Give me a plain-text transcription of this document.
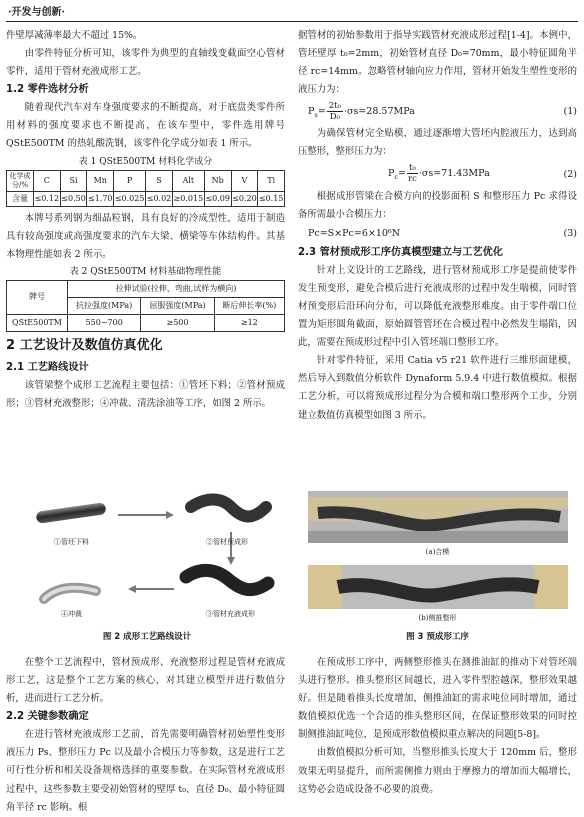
·开发与创新·

件壁厚减薄率最大不超过 15%。

由零件特征分析可知，该零件为典型的直轴线变截面空心管材零件，适用于管材充液成形工艺。

1.2 零件选材分析

随着现代汽车对车身强度要求的不断提高，对于底盘类零件所用材料的强度要求也不断提高，在该车型中，零件选用牌号 QStE500TM 的热轧酸洗钢，该零件化学成分如表 1 所示。

表 1 QStE500TM 材料化学成分
化学成分/%	C	Si	Mn	P	S	Alt	Nb	V	Ti
含量	≤0.12	≤0.50	≤1.70	≤0.025	≤0.02	≥0.015	≤0.09	≤0.20	≤0.15

本牌号系列钢为细晶粒钢，具有良好的冷成型性，适用于制造具有较高强度或高强度要求的汽车大梁、横梁等车体结构件。其基本物理性能如表 2 所示。

表 2 QStE500TM 材料基础物理性能
牌号	拉伸试验(拉伸、弯曲,试样为横向)		
	抗拉强度(MPa)	屈服强度(MPa)	断后伸长率(%)
QStE500TM	550~700	≥500	≥12
2 工艺设计及数值仿真优化
2.1 工艺路线设计

该管梁整个成形工艺流程主要包括：①管坯下料；②管材预成形；③管材充液整形；④冲裁、清洗涂油等工序，如图 2 所示。

据管材的初始参数用于指导实践管材充液成形过程[1-4]。本例中，管坯壁厚 t₀=2mm，初始管材直径 D₀=70mm，最小特征圆角半径 rc=14mm。忽略管材轴向应力作用，管材开始发生塑性变形的液压力为：

$P_s= \frac{\text{2t₀}}{\text{D₀}} \cdot\sigma s=28.57MPa$	(1)

为确保管材完全贴模，通过逐渐增大管坯内腔液压力，达到高压整形，整形压力为：

$P_c= \frac{\text{t₀}}{rc} \cdot\sigma s=71.43MPa$	(2)

根据成形管梁在合模方向的投影面积 S 和整形压力 Pc 求得设备所需最小合模压力：

Pc=S×Pc=6×10⁶N	(3)
2.3 管材预成形工序仿真模型建立与工艺优化

针对上文设计的工艺路线，进行管材预成形工序是提前使零件发生预变形，避免合模后进行充液成形的过程中发生喘模，同时管材预变形后沿环向分布，可以降低充液整形难度。由于零件端口位置为矩形圆角截面，原始圆管管坯在合模过程中必然发生塌陷，因此，需要在预成形过程中引入管坯端口整形工序。

针对零件特征，采用 Catia v5 r21 软件进行三维形面建模，然后导入到数值分析软件 Dynaform 5.9.4 中进行数值模拟。根据工艺分析，可以将预成形过程分为合模和端口整形两个工步，分别建立数值仿真模型如图 3 所示。

①管坯下料	②管材预成形
③管材充液成形
④冲裁
图 2 成形工艺路线设计
(a)合模
(b)侧推整形
图 3 预成形工序

在整个工艺流程中，管材预成形、充液整形过程是管材充液成形工艺，这是整个工艺方案的核心，对其建立模型并进行数值分析，进而进行工艺分析。

2.2 关键参数确定

在进行管材充液成形工艺前，首先需要明确管材初始塑性变形液压力 Ps、整形压力 Pc 以及最小合模压力等参数，这是进行工艺可行性分析和相关设备规格选择的重要参数。在实际管材充液成形过程中，这些参数主要受初始管材的壁厚 t₀、直径 D₀、最小特征圆角半径 rc 影响。根

在预成形工序中，两侧整形推头在测推油缸的推动下对管坯端头进行整形。推头整形区间越长，进入零件型腔越深，整形效果越好。但是随着推头长度增加，侧推油缸的需求吨位同时增加，通过数值模拟优选一个合适的推头整形区间，在保证整形效果的同时控制侧推油缸吨位，是预成形数值模拟重点解决的问题[5-8]。

由数值模拟分析可知，当整形推头长度大于 120mm 后，整形效果无明显提升，而所需侧推力则由于摩擦力的增加而大幅增长，这势必会造成设备不必要的浪费。
